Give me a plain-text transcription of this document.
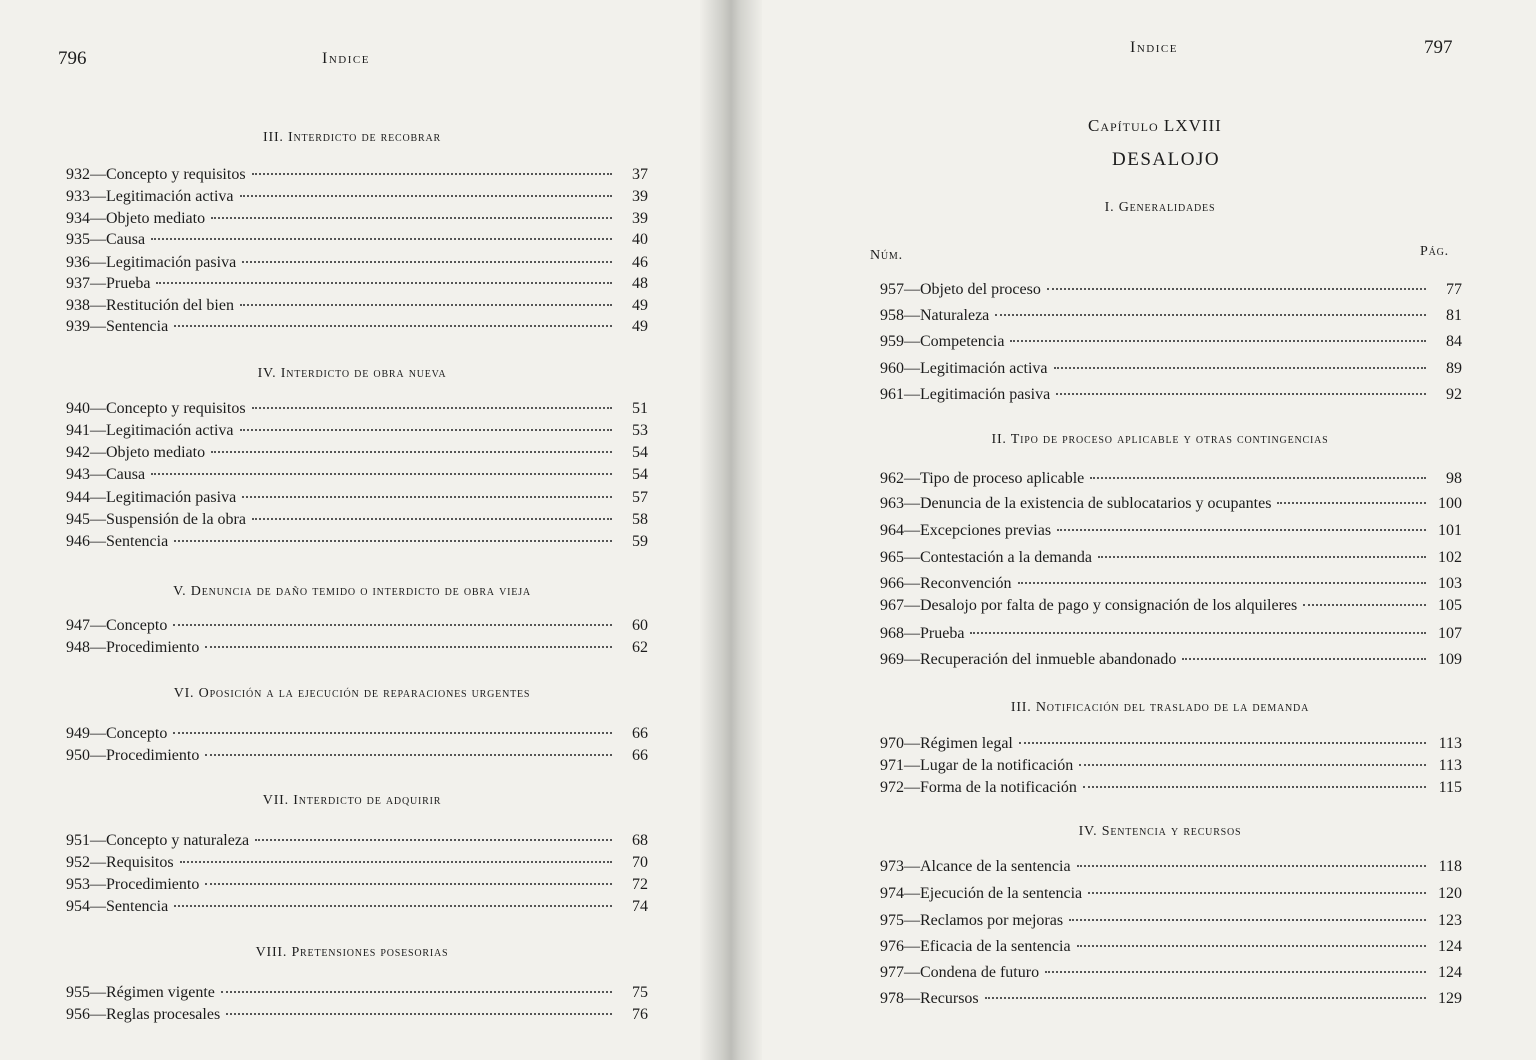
796	Indice
Indice	797
Capítulo LXVIII
DESALOJO
Núm.	Pág.
III. Interdicto de recobrar
932 — Concepto y requisitos	37
933 — Legitimación activa	39
934 — Objeto mediato	39
935 — Causa	40
936 — Legitimación pasiva	46
937 — Prueba	48
938 — Restitución del bien	49
939 — Sentencia	49
IV. Interdicto de obra nueva
940 — Concepto y requisitos	51
941 — Legitimación activa	53
942 — Objeto mediato	54
943 — Causa	54
944 — Legitimación pasiva	57
945 — Suspensión de la obra	58
946 — Sentencia	59
V. Denuncia de daño temido o interdicto de obra vieja
947 — Concepto	60
948 — Procedimiento	62
VI. Oposición a la ejecución de reparaciones urgentes
949 — Concepto	66
950 — Procedimiento	66
VII. Interdicto de adquirir
951 — Concepto y naturaleza	68
952 — Requisitos	70
953 — Procedimiento	72
954 — Sentencia	74
VIII. Pretensiones posesorias
955 — Régimen vigente	75
956 — Reglas procesales	76
I. Generalidades
957 — Objeto del proceso	77
958 — Naturaleza	81
959 — Competencia	84
960 — Legitimación activa	89
961 — Legitimación pasiva	92
II. Tipo de proceso aplicable y otras contingencias
962 — Tipo de proceso aplicable	98
963 — Denuncia de la existencia de sublocatarios y ocupantes	100
964 — Excepciones previas	101
965 — Contestación a la demanda	102
966 — Reconvención	103
967 — Desalojo por falta de pago y consignación de los alquileres	105
968 — Prueba	107
969 — Recuperación del inmueble abandonado	109
III. Notificación del traslado de la demanda
970 — Régimen legal	113
971 — Lugar de la notificación	113
972 — Forma de la notificación	115
IV. Sentencia y recursos
973 — Alcance de la sentencia	118
974 — Ejecución de la sentencia	120
975 — Reclamos por mejoras	123
976 — Eficacia de la sentencia	124
977 — Condena de futuro	124
978 — Recursos	129
